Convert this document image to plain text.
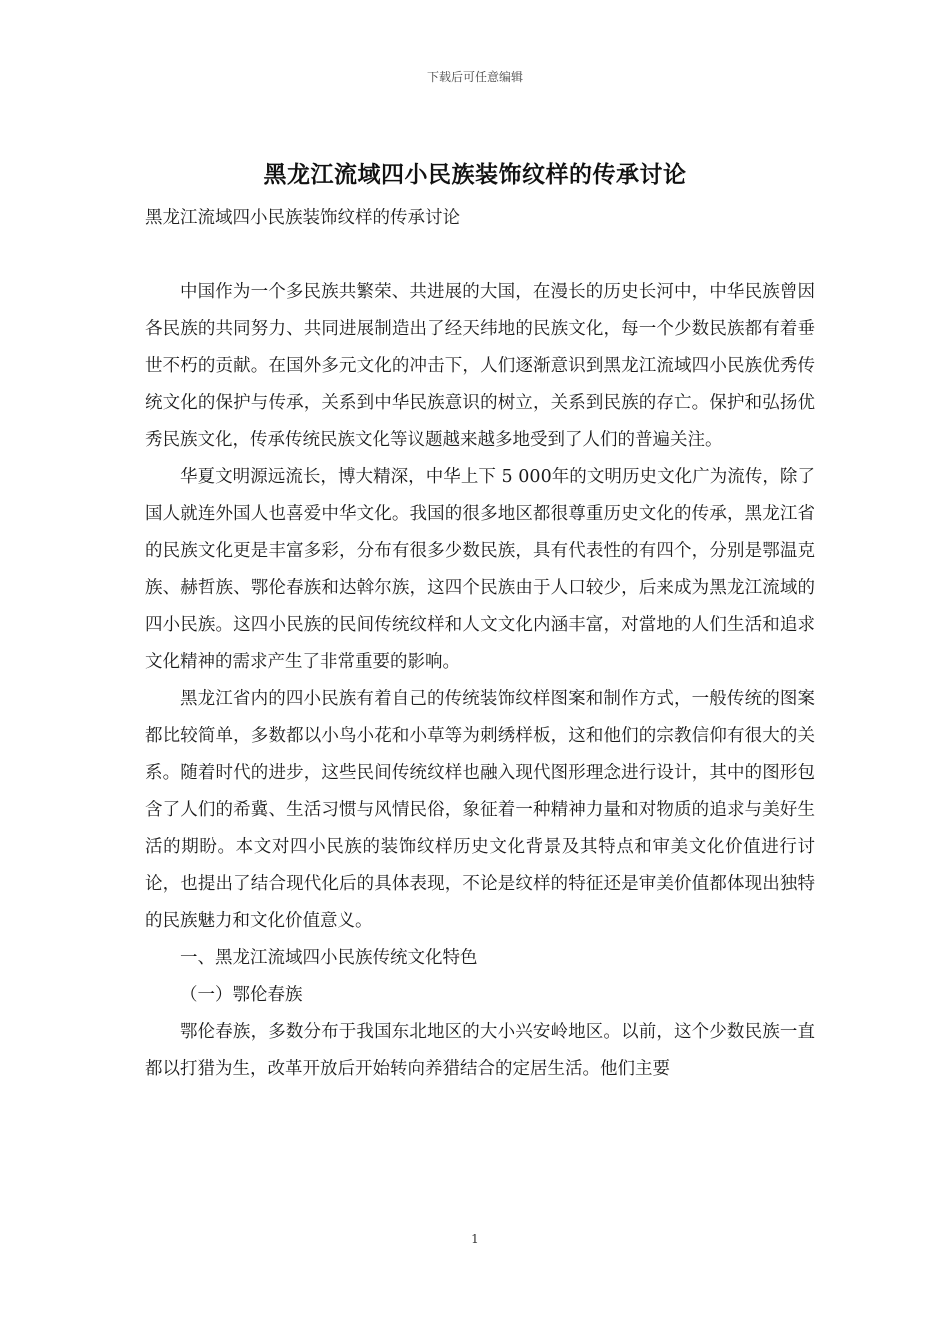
下载后可任意编辑
黑龙江流域四小民族装饰纹样的传承讨论

黑龙江流域四小民族装饰纹样的传承讨论

中国作为一个多民族共繁荣、共进展的大国，在漫长的历史长河中，中华民族曾因各民族的共同努力、共同进展制造出了经天纬地的民族文化，每一个少数民族都有着垂世不朽的贡献。在国外多元文化的冲击下，人们逐渐意识到黑龙江流域四小民族优秀传统文化的保护与传承，关系到中华民族意识的树立，关系到民族的存亡。保护和弘扬优秀民族文化，传承传统民族文化等议题越来越多地受到了人们的普遍关注。

华夏文明源远流长，博大精深，中华上下 5 000年的文明历史文化广为流传，除了国人就连外国人也喜爱中华文化。我国的很多地区都很尊重历史文化的传承，黑龙江省的民族文化更是丰富多彩，分布有很多少数民族，具有代表性的有四个，分别是鄂温克族、赫哲族、鄂伦春族和达斡尔族，这四个民族由于人口较少，后来成为黑龙江流域的四小民族。这四小民族的民间传统纹样和人文文化内涵丰富，对當地的人们生活和追求文化精神的需求产生了非常重要的影响。

黑龙江省内的四小民族有着自己的传统装饰纹样图案和制作方式，一般传统的图案都比较简单，多数都以小鸟小花和小草等为刺绣样板，这和他们的宗教信仰有很大的关系。随着时代的进步，这些民间传统纹样也融入现代图形理念进行设计，其中的图形包含了人们的希冀、生活习惯与风情民俗，象征着一种精神力量和对物质的追求与美好生活的期盼。本文对四小民族的装饰纹样历史文化背景及其特点和审美文化价值进行讨论，也提出了结合现代化后的具体表现，不论是纹样的特征还是审美价值都体现出独特的民族魅力和文化价值意义。

一、黑龙江流域四小民族传统文化特色

（一）鄂伦春族

鄂伦春族，多数分布于我国东北地区的大小兴安岭地区。以前，这个少数民族一直都以打猎为生，改革开放后开始转向养猎结合的定居生活。他们主要

1
